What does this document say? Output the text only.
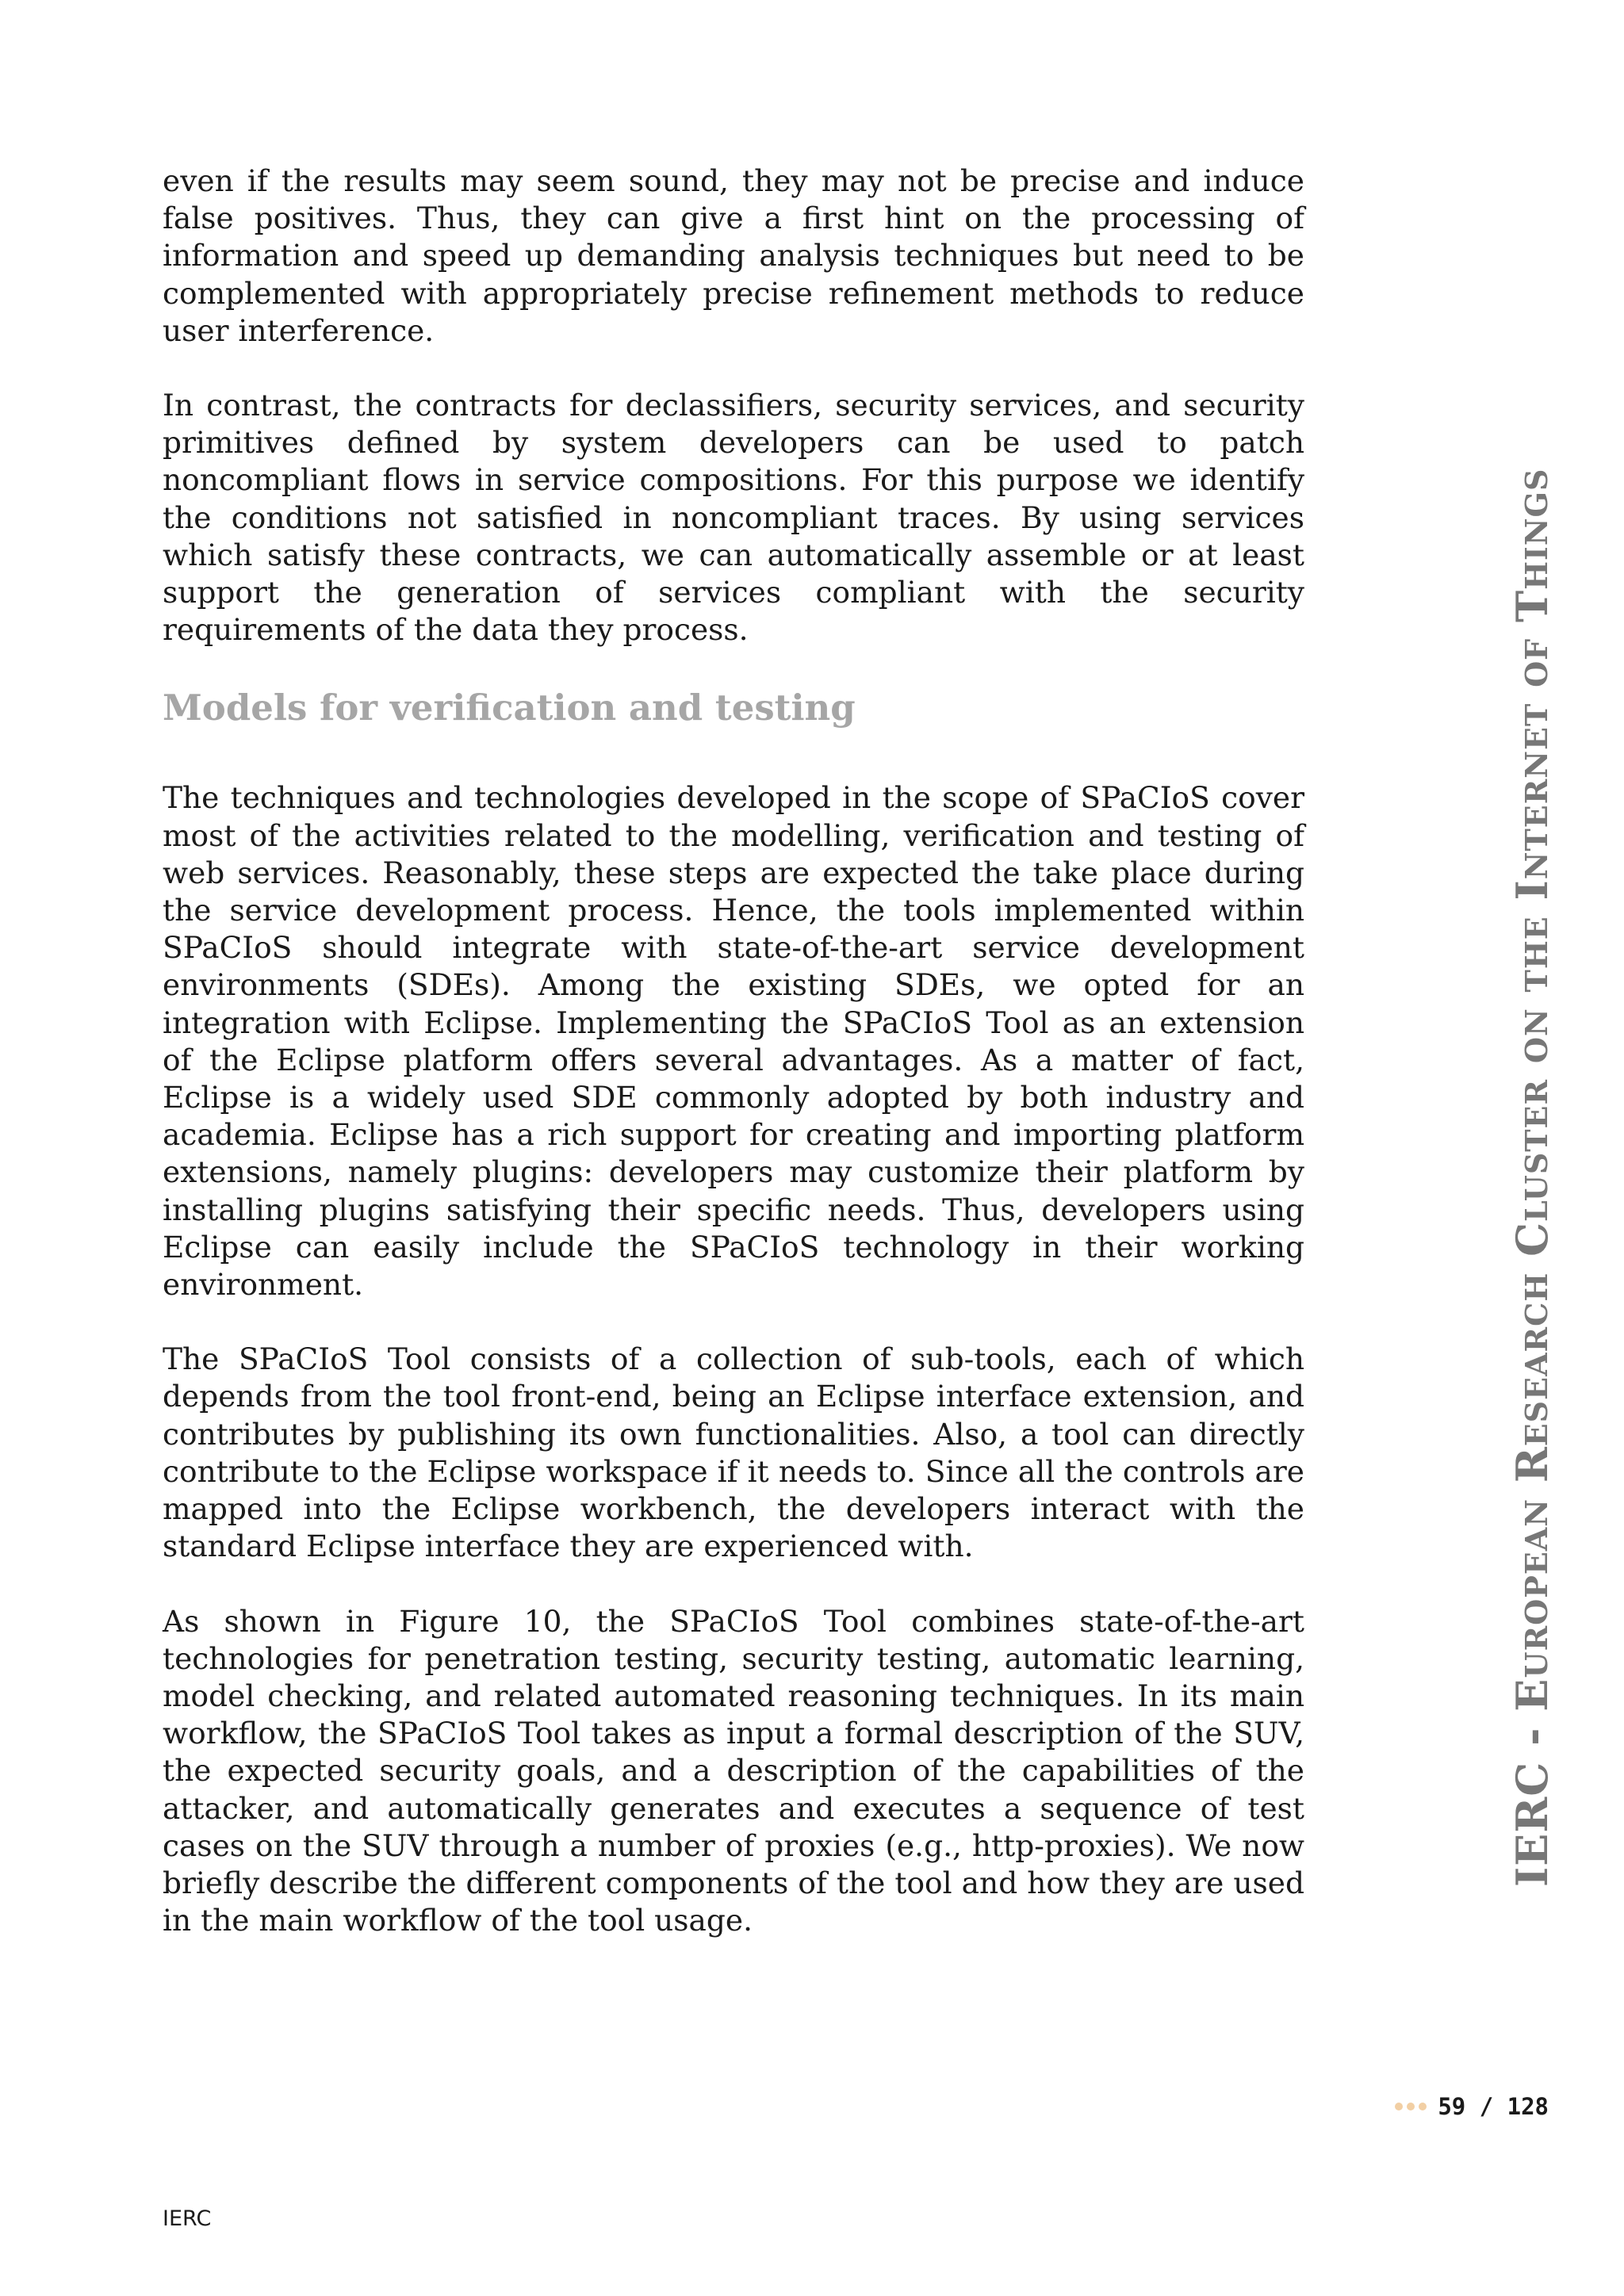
even if the results may seem sound, they may not be precise and induce false positives. Thus, they can give a first hint on the processing of information and speed up demanding analysis techniques but need to be complemented with appropriately precise refinement methods to reduce user interference.

In contrast, the contracts for declassifiers, security services, and security primitives defined by system developers can be used to patch noncompliant flows in service compositions. For this purpose we identify the conditions not satisfied in noncompliant traces. By using services which satisfy these contracts, we can automatically assemble or at least support the generation of services compliant with the security requirements of the data they process.

Models for verification and testing

The techniques and technologies developed in the scope of SPaCIoS cover most of the activities related to the modelling, verification and testing of web services. Reasonably, these steps are expected the take place during the service development process. Hence, the tools implemented within SPaCIoS should integrate with state-of-the-art service development environments (SDEs). Among the existing SDEs, we opted for an integration with Eclipse. Implementing the SPaCIoS Tool as an extension of the Eclipse platform offers several advantages. As a matter of fact, Eclipse is a widely used SDE commonly adopted by both industry and academia. Eclipse has a rich support for creating and importing platform extensions, namely plugins: developers may customize their platform by installing plugins satisfying their specific needs. Thus, developers using Eclipse can easily include the SPaCIoS technology in their working environment.

The SPaCIoS Tool consists of a collection of sub-tools, each of which depends from the tool front-end, being an Eclipse interface extension, and contributes by publishing its own functionalities. Also, a tool can directly contribute to the Eclipse workspace if it needs to. Since all the controls are mapped into the Eclipse workbench, the developers interact with the standard Eclipse interface they are experienced with.

As shown in Figure 10, the SPaCIoS Tool combines state-of-the-art technologies for penetration testing, security testing, automatic learning, model checking, and related automated reasoning techniques. In its main workflow, the SPaCIoS Tool takes as input a formal description of the SUV, the expected security goals, and a description of the capabilities of the attacker, and automatically generates and executes a sequence of test cases on the SUV through a number of proxies (e.g., http-proxies). We now briefly describe the different components of the tool and how they are used in the main workflow of the tool usage.

IERC - European Research Cluster on the Internet of Things
59 / 128
IERC
